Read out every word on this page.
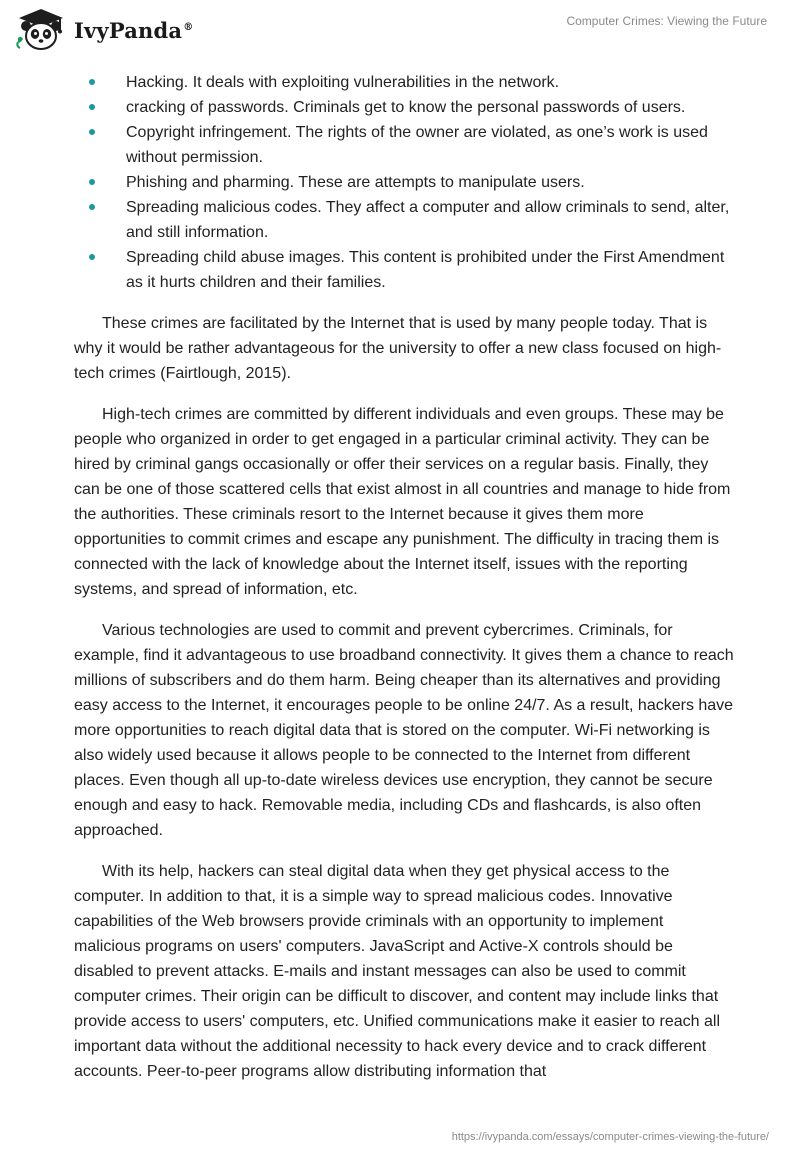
IvyPanda®	Computer Crimes: Viewing the Future
Hacking. It deals with exploiting vulnerabilities in the network.
cracking of passwords. Criminals get to know the personal passwords of users.
Copyright infringement. The rights of the owner are violated, as one’s work is used without permission.
Phishing and pharming. These are attempts to manipulate users.
Spreading malicious codes. They affect a computer and allow criminals to send, alter, and still information.
Spreading child abuse images. This content is prohibited under the First Amendment as it hurts children and their families.

These crimes are facilitated by the Internet that is used by many people today. That is why it would be rather advantageous for the university to offer a new class focused on high-tech crimes (Fairtlough, 2015).

High-tech crimes are committed by different individuals and even groups. These may be people who organized in order to get engaged in a particular criminal activity. They can be hired by criminal gangs occasionally or offer their services on a regular basis. Finally, they can be one of those scattered cells that exist almost in all countries and manage to hide from the authorities. These criminals resort to the Internet because it gives them more opportunities to commit crimes and escape any punishment. The difficulty in tracing them is connected with the lack of knowledge about the Internet itself, issues with the reporting systems, and spread of information, etc.

Various technologies are used to commit and prevent cybercrimes. Criminals, for example, find it advantageous to use broadband connectivity. It gives them a chance to reach millions of subscribers and do them harm. Being cheaper than its alternatives and providing easy access to the Internet, it encourages people to be online 24/7. As a result, hackers have more opportunities to reach digital data that is stored on the computer. Wi-Fi networking is also widely used because it allows people to be connected to the Internet from different places. Even though all up-to-date wireless devices use encryption, they cannot be secure enough and easy to hack. Removable media, including CDs and flashcards, is also often approached.

With its help, hackers can steal digital data when they get physical access to the computer. In addition to that, it is a simple way to spread malicious codes. Innovative capabilities of the Web browsers provide criminals with an opportunity to implement malicious programs on users' computers. JavaScript and Active-X controls should be disabled to prevent attacks. E-mails and instant messages can also be used to commit computer crimes. Their origin can be difficult to discover, and content may include links that provide access to users' computers, etc. Unified communications make it easier to reach all important data without the additional necessity to hack every device and to crack different accounts. Peer-to-peer programs allow distributing information that

https://ivypanda.com/essays/computer-crimes-viewing-the-future/
